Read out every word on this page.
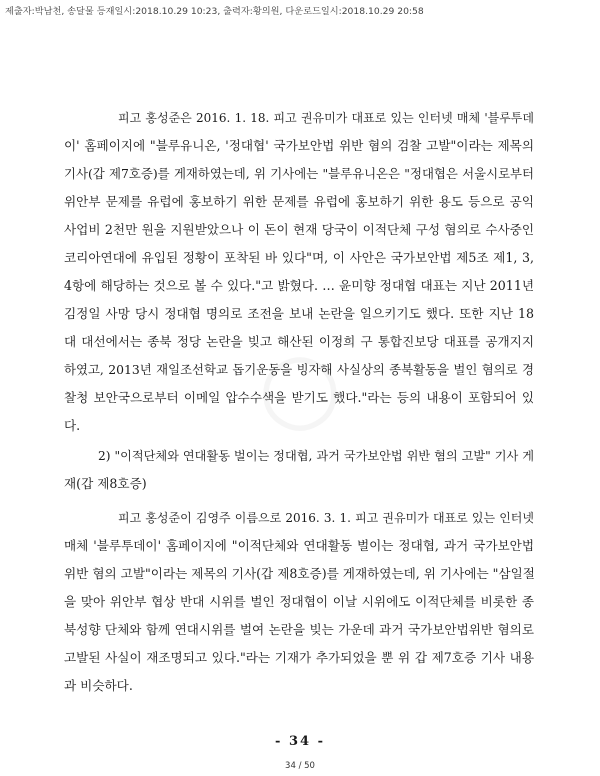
제출자:박남천, 송달물 등재일시:2018.10.29 10:23, 출력자:황의원, 다운로드일시:2018.10.29 20:58
피고 홍성준은 2016. 1. 18. 피고 권유미가 대표로 있는 인터넷 매체 '블루투데
이' 홈페이지에 "블루유니온, '정대협' 국가보안법 위반 혐의 검찰 고발"이라는 제목의
기사(갑 제7호증)를 게재하였는데, 위 기사에는 "블루유니온은 "정대협은 서울시로부터
위안부 문제를 유럽에 홍보하기 위한 문제를 유럽에 홍보하기 위한 용도 등으로 공익
사업비 2천만 원을 지원받았으나 이 돈이 현재 당국이 이적단체 구성 혐의로 수사중인
코리아연대에 유입된 정황이 포착된 바 있다"며, 이 사안은 국가보안법 제5조 제1, 3,
4항에 해당하는 것으로 볼 수 있다."고 밝혔다. … 윤미향 정대협 대표는 지난 2011년
김정일 사망 당시 정대협 명의로 조전을 보내 논란을 일으키기도 했다. 또한 지난 18
대 대선에서는 종북 정당 논란을 빚고 해산된 이정희 구 통합진보당 대표를 공개지지
하였고, 2013년 재일조선학교 돕기운동을 빙자해 사실상의 종북활동을 벌인 혐의로 경
찰청 보안국으로부터 이메일 압수수색을 받기도 했다."라는 등의 내용이 포함되어 있
다.
2) "이적단체와 연대활동 벌이는 정대협, 과거 국가보안법 위반 혐의 고발" 기사 게
재(갑 제8호증)
피고 홍성준이 김영주 이름으로 2016. 3. 1. 피고 권유미가 대표로 있는 인터넷
매체 '블루투데이' 홈페이지에 "이적단체와 연대활동 벌이는 정대협, 과거 국가보안법
위반 혐의 고발"이라는 제목의 기사(갑 제8호증)를 게재하였는데, 위 기사에는 "삼일절
을 맞아 위안부 협상 반대 시위를 벌인 정대협이 이날 시위에도 이적단체를 비롯한 종
북성향 단체와 함께 연대시위를 벌여 논란을 빚는 가운데 과거 국가보안법위반 혐의로
고발된 사실이 재조명되고 있다."라는 기재가 추가되었을 뿐 위 갑 제7호증 기사 내용
과 비슷하다.
- 34 -
34 / 50
